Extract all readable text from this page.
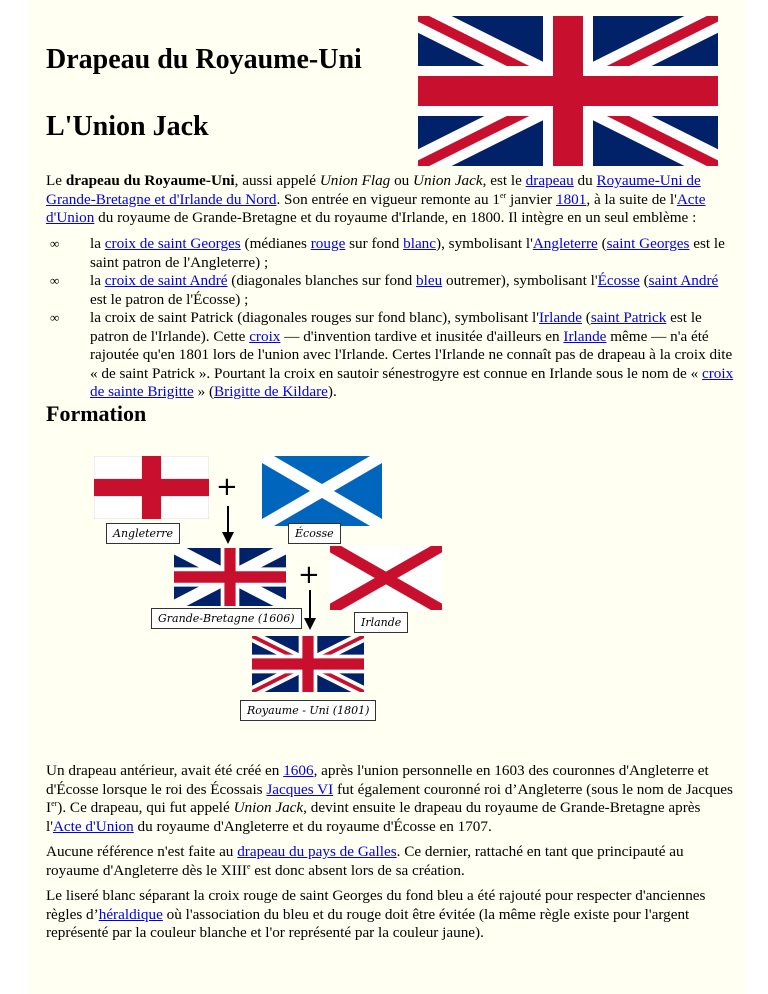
Drapeau du Royaume-Uni
L'Union Jack

Le drapeau du Royaume-Uni, aussi appelé Union Flag ou Union Jack, est le drapeau du Royaume-Uni de Grande-Bretagne et d'Irlande du Nord. Son entrée en vigueur remonte au 1er janvier 1801, à la suite de l'Acte d'Union du royaume de Grande-Bretagne et du royaume d'Irlande, en 1800. Il intègre en un seul emblème :

∞ la croix de saint Georges (médianes rouge sur fond blanc), symbolisant l'Angleterre (saint Georges est le saint patron de l'Angleterre) ;
∞ la croix de saint André (diagonales blanches sur fond bleu outremer), symbolisant l'Écosse (saint André est le patron de l'Écosse) ;
∞ la croix de saint Patrick (diagonales rouges sur fond blanc), symbolisant l'Irlande (saint Patrick est le patron de l'Irlande). Cette croix — d'invention tardive et inusitée d'ailleurs en Irlande même — n'a été rajoutée qu'en 1801 lors de l'union avec l'Irlande. Certes l'Irlande ne connaît pas de drapeau à la croix dite « de saint Patrick ». Pourtant la croix en sautoir sénestrogyre est connue en Irlande sous le nom de « croix de sainte Brigitte » (Brigitte de Kildare).
Formation
+
Angleterre	Écosse
+
Grande-Bretagne (1606)	Irlande
Royaume - Uni (1801)

Un drapeau antérieur, avait été créé en 1606, après l'union personnelle en 1603 des couronnes d'Angleterre et d'Écosse lorsque le roi des Écossais Jacques VI fut également couronné roi d’Angleterre (sous le nom de Jacques Ier). Ce drapeau, qui fut appelé Union Jack, devint ensuite le drapeau du royaume de Grande-Bretagne après l'Acte d'Union du royaume d'Angleterre et du royaume d'Écosse en 1707.

Aucune référence n'est faite au drapeau du pays de Galles. Ce dernier, rattaché en tant que principauté au royaume d'Angleterre dès le XIIIe est donc absent lors de sa création.

Le liseré blanc séparant la croix rouge de saint Georges du fond bleu a été rajouté pour respecter d'anciennes règles d’héraldique où l'association du bleu et du rouge doit être évitée (la même règle existe pour l'argent représenté par la couleur blanche et l'or représenté par la couleur jaune).
